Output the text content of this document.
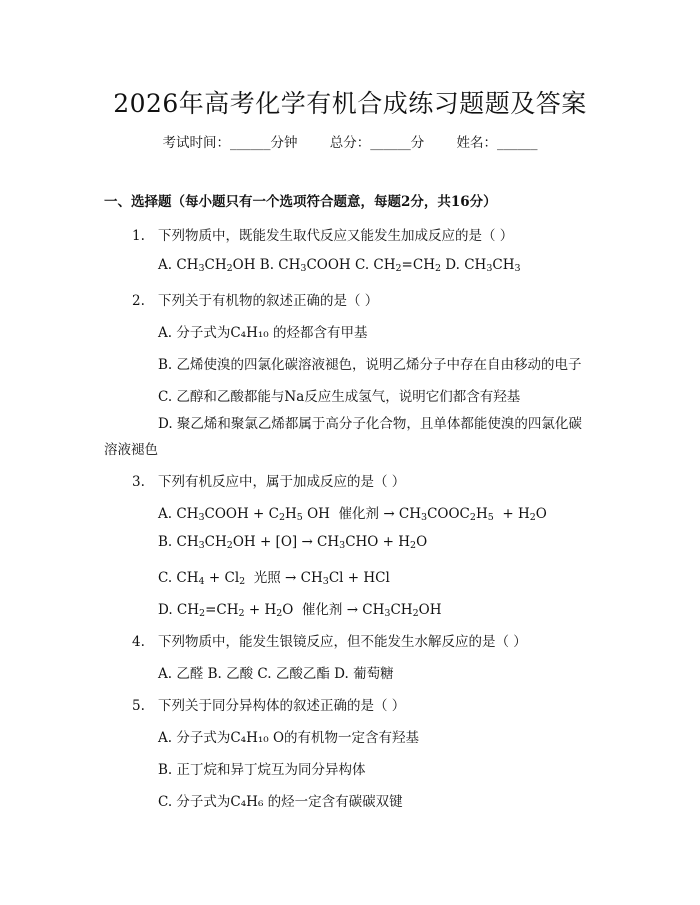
2026年高考化学有机合成练习题题及答案
考试时间：______分钟 总分：______分 姓名：______
一、选择题（每小题只有一个选项符合题意，每题2分，共16分）
1. 下列物质中，既能发生取代反应又能发生加成反应的是（ ）
A. $CH_3CH_2OH$ B. $CH_3COOH$ C. $CH_2=CH_2$ D. $CH_3CH_3$
2. 下列关于有机物的叙述正确的是（ ）
A. 分子式为C₄H₁₀ 的烃都含有甲基
B. 乙烯使溴的四氯化碳溶液褪色，说明乙烯分子中存在自由移动的电子
C. 乙醇和乙酸都能与Na反应生成氢气，说明它们都含有羟基
D. 聚乙烯和聚氯乙烯都属于高分子化合物，且单体都能使溴的四氯化碳溶液褪色
3. 下列有机反应中，属于加成反应的是（ ）
A. $CH_3COOH + C_2H_5$ OH  催化剂 → $CH_3COOC_2H_5 + H_2O$
B. $CH_3CH_2OH + [O] \to CH_3CHO + H_2O$
C. $CH_4 + Cl_2$  光照 → $CH_3Cl$ + HCl
D. $CH_2=CH_2 + H_2O$  催化剂 → $CH_3CH_2OH$
4. 下列物质中，能发生银镜反应，但不能发生水解反应的是（ ）
A. 乙醛 B. 乙酸 C. 乙酸乙酯 D. 葡萄糖
5. 下列关于同分异构体的叙述正确的是（ ）
A. 分子式为C₄H₁₀ O的有机物一定含有羟基
B. 正丁烷和异丁烷互为同分异构体
C. 分子式为C₄H₆ 的烃一定含有碳碳双键
